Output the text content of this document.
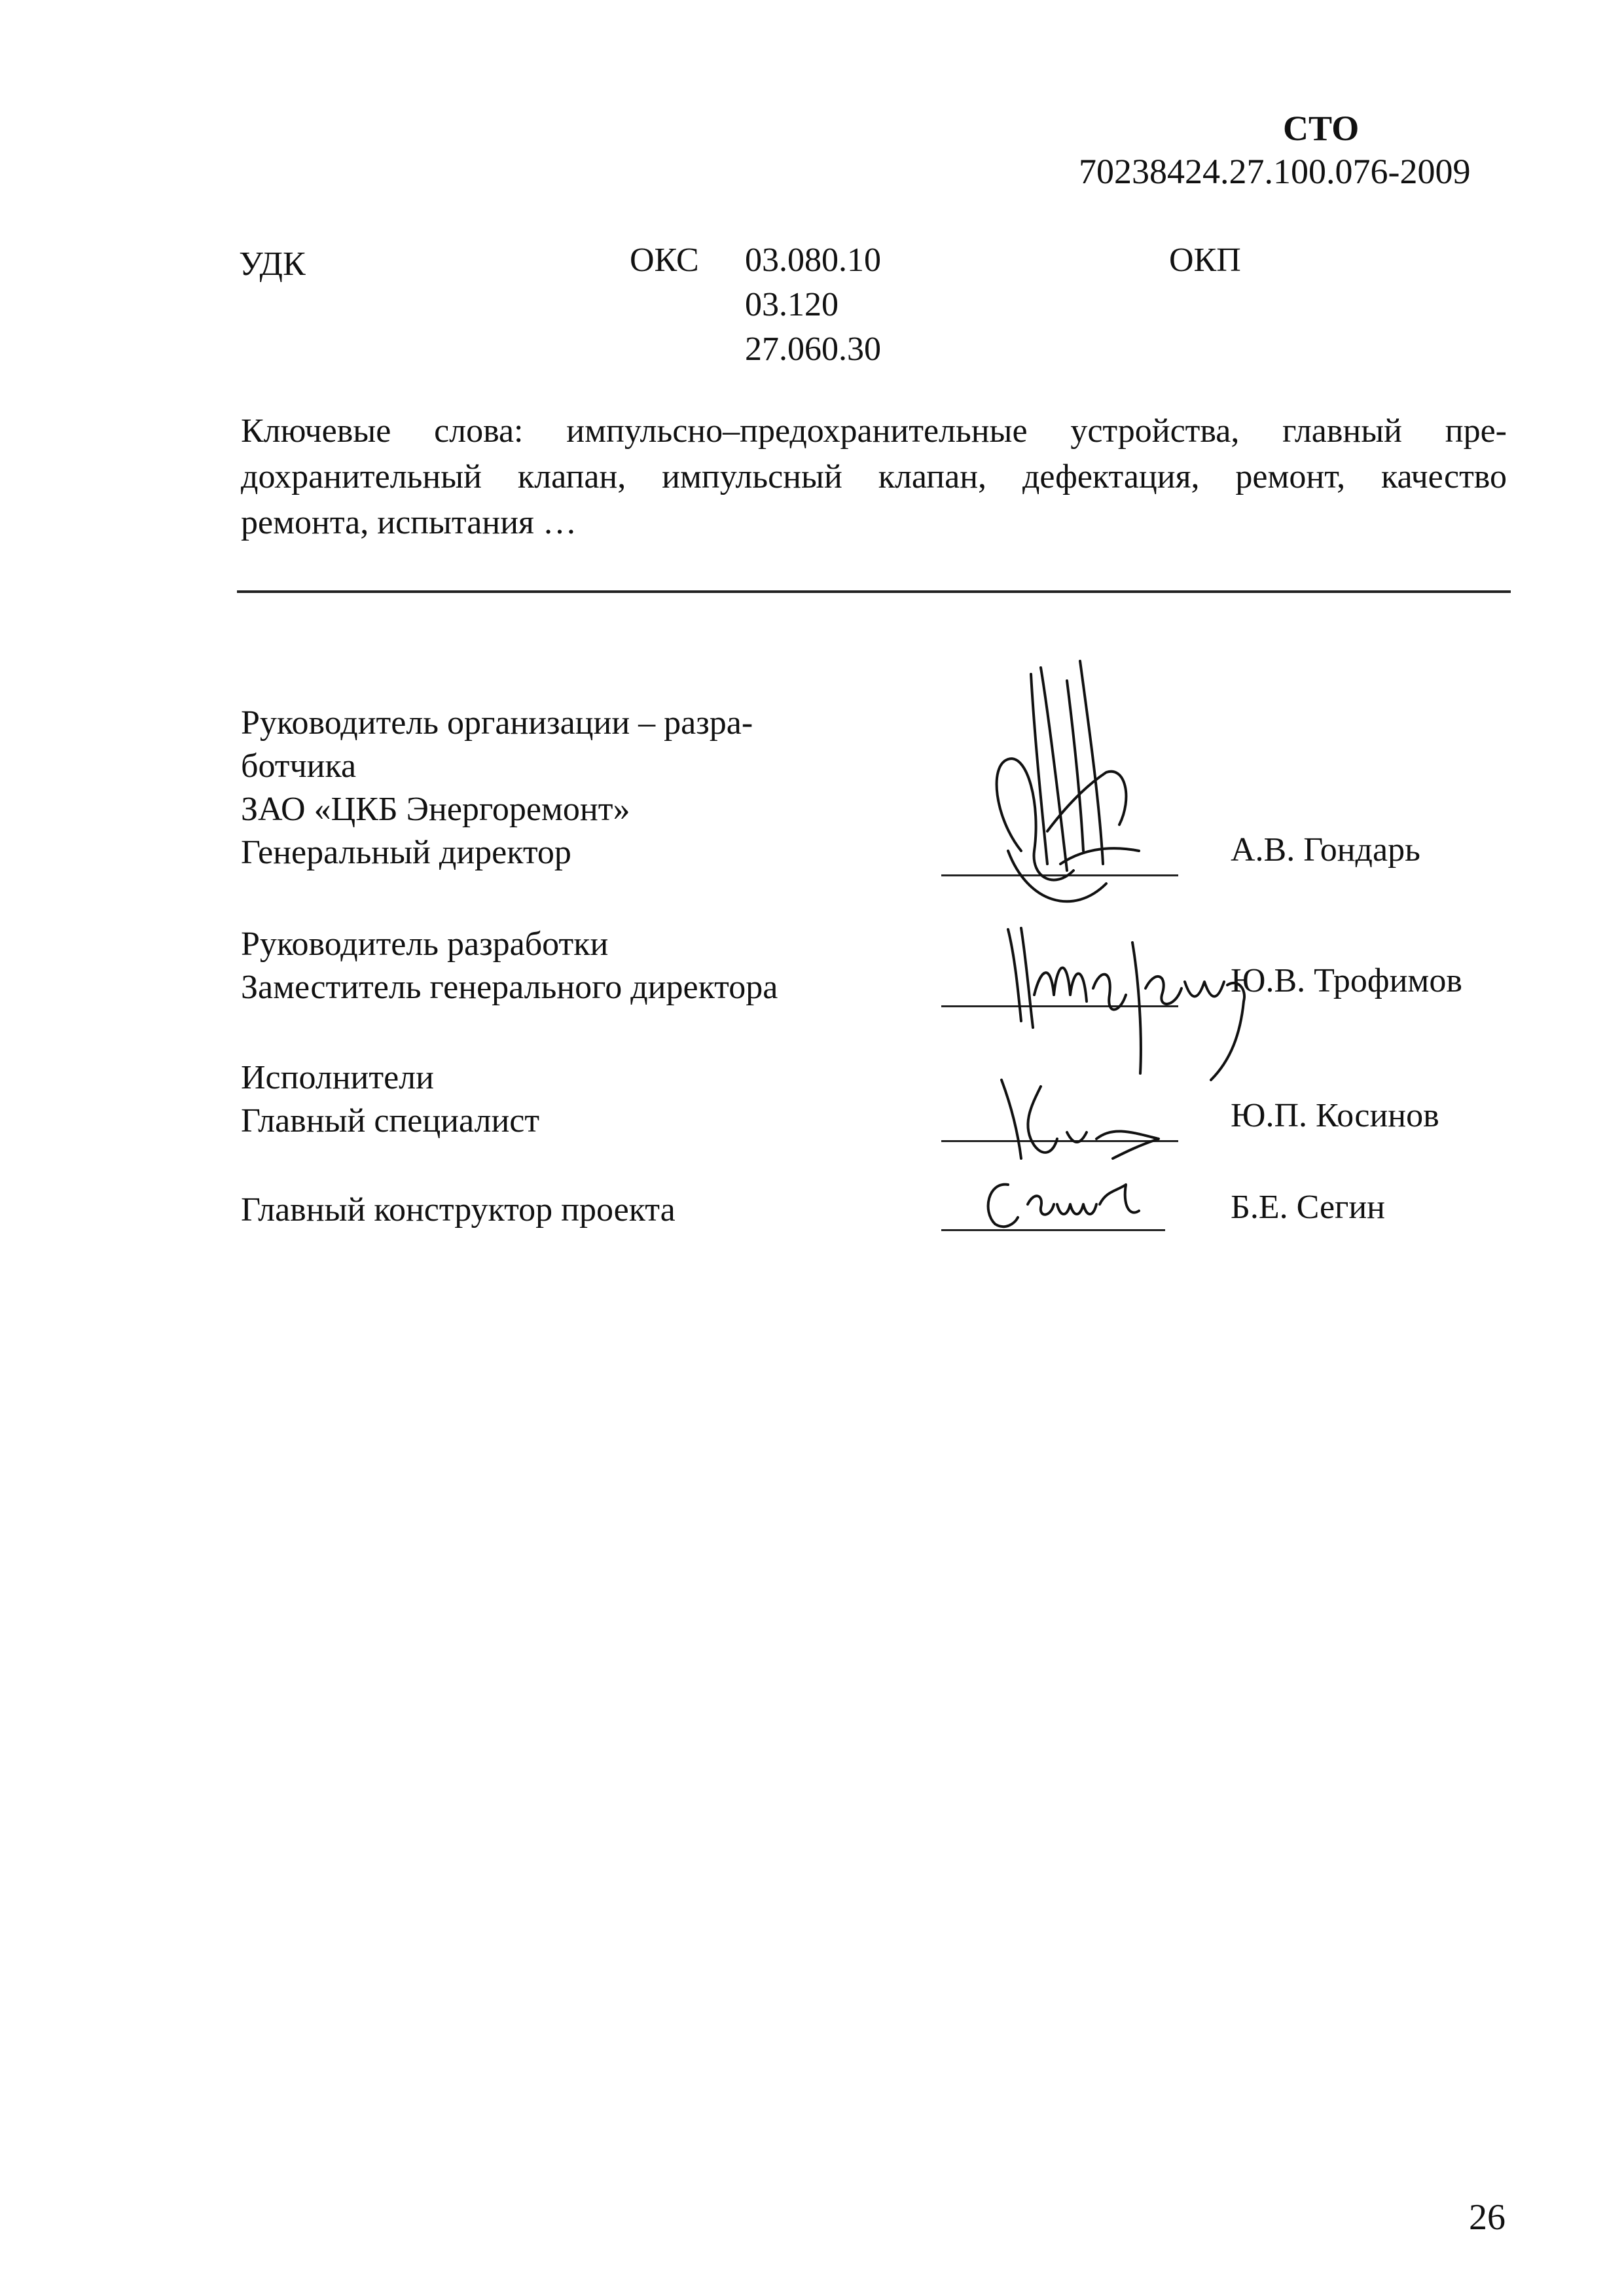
СТО
70238424.27.100.076-2009
УДК	ОКС 03.080.10
03.120
27.060.30
ОКП
Ключевые слова: импульсно–предохранительные устройства, главный пре-
дохранительный клапан, импульсный клапан, дефектация, ремонт, качество
ремонта, испытания …
Руководитель организации – разра-
ботчика
ЗАО «ЦКБ Энергоремонт»
Генеральный директор	А.В. Гондарь
Руководитель разработки
Заместитель генерального директора	Ю.В. Трофимов
Исполнители
Главный специалист	Ю.П. Косинов
Главный конструктор проекта	Б.Е. Сегин
26
